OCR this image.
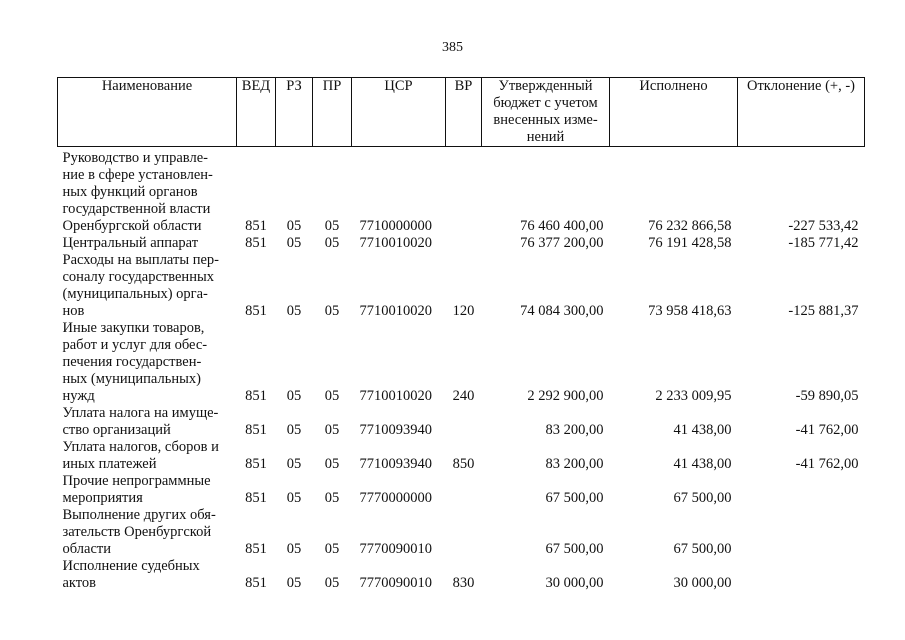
385
Наименование	ВЕД	РЗ	ПР	ЦСР	ВР	Утвержденный бюджет с учетом внесенных изме-нений	Исполнено	Отклонение (+, -)
Руководство и управле-
ние в сфере установлен-
ных функций органов
государственной власти
Оренбургской области	851	05	05	7710000000		76 460 400,00	76 232 866,58	-227 533,42
Центральный аппарат	851	05	05	7710010020		76 377 200,00	76 191 428,58	-185 771,42
Расходы на выплаты пер-
соналу государственных
(муниципальных) орга-
нов	851	05	05	7710010020	120	74 084 300,00	73 958 418,63	-125 881,37
Иные закупки товаров,
работ и услуг для обес-
печения государствен-
ных (муниципальных)
нужд	851	05	05	7710010020	240	2 292 900,00	2 233 009,95	-59 890,05
Уплата налога на имуще-
ство организаций	851	05	05	7710093940		83 200,00	41 438,00	-41 762,00
Уплата налогов, сборов и
иных платежей	851	05	05	7710093940	850	83 200,00	41 438,00	-41 762,00
Прочие непрограммные
мероприятия	851	05	05	7770000000		67 500,00	67 500,00	
Выполнение других обя-
зательств Оренбургской
области	851	05	05	7770090010		67 500,00	67 500,00	
Исполнение судебных
актов	851	05	05	7770090010	830	30 000,00	30 000,00	
